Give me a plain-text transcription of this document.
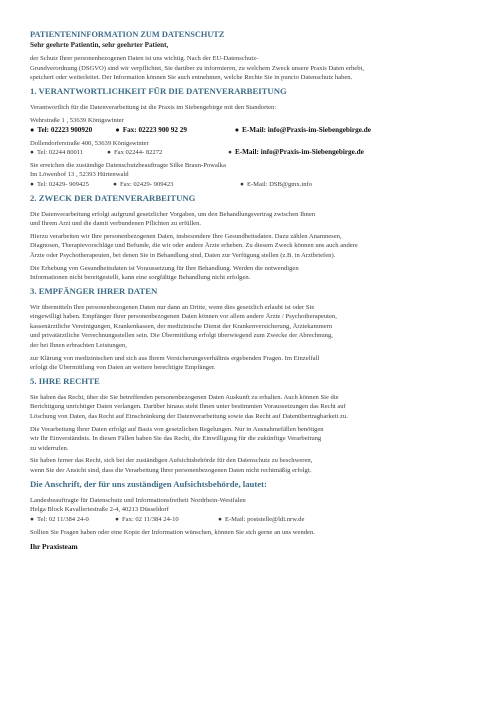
PATIENTENINFORMATION ZUM DATENSCHUTZ
Sehr geehrte Patientin, sehr geehrter Patient,
der Schutz Ihrer personenbezogenen Daten ist uns wichtig. Nach der EU-Datenschutz-
Grundverordnung (DSGVO) sind wir verpflichtet, Sie darüber zu informieren, zu welchem Zweck unsere Praxis Daten erhebt,
speichert oder weiterleitet. Der Information können Sie auch entnehmen, welche Rechte Sie in puncto Datenschutz haben.
1. VERANTWORTLICHKEIT FÜR DIE DATENVERARBEITUNG
Verantwortlich für die Datenverarbeitung ist die Praxis im Siebengebirge mit den Standorten:
Wehrstraße 1 , 53639 Königswinter
● Tel: 02223 900920	● Fax: 02223 900 92 29	● E-Mail: info@Praxis-im-Siebengebirge.de
Dollendorferstraße 400, 53639 Königswinter
● Tel: 02244 80011	● Fax 02244- 82272	● E-Mail: info@Praxis-im-Siebengebirge.de
Sie erreichen die zuständige Datenschutzbeauftragte Silke Braun-Powalka
Im Löwenhof 13 , 52393 Hürtenwald
● Tel: 02429- 909425	● Fax: 02429- 909423	● E-Mail: DSB@gmx.info
2. ZWECK DER DATENVERARBEITUNG
Die Datenverarbeitung erfolgt aufgrund gesetzlicher Vorgaben, um den Behandlungsvertrag zwischen Ihnen
und Ihrem Arzt und die damit verbundenen Pflichten zu erfüllen.
Hierzu verarbeiten wir Ihre personenbezogenen Daten, insbesondere Ihre Gesundheitsdaten. Dazu zählen Anamnesen,
Diagnosen, Therapievorschläge und Befunde, die wir oder andere Ärzte erheben. Zu diesem Zweck können uns auch andere
Ärzte oder Psychotherapeuten, bei denen Sie in Behandlung sind, Daten zur Verfügung stellen (z.B. in Arztbriefen).
Die Erhebung von Gesundheitsdaten ist Voraussetzung für Ihre Behandlung. Werden die notwendigen
Informationen nicht bereitgestellt, kann eine sorgfältige Behandlung nicht erfolgen.
3. EMPFÄNGER IHRER DATEN
Wir übermitteln Ihre personenbezogenen Daten nur dann an Dritte, wenn dies gesetzlich erlaubt ist oder Sie
eingewilligt haben. Empfänger Ihrer personenbezogenen Daten können vor allem andere Ärzte / Psychotherapeuten,
kassenärztliche Vereinigungen, Krankenkassen, der medizinische Dienst der Krankenversicherung, Ärztekammern
und privatärztliche Verrechnungsstellen sein. Die Übermittlung erfolgt überwiegend zum Zwecke der Abrechnung,
der bei Ihnen erbrachten Leistungen,
zur Klärung von medizinischen und sich aus Ihrem Versicherungsverhältnis ergebenden Fragen. Im Einzelfall
erfolgt die Übermittlung von Daten an weitere berechtigte Empfänger.
5. IHRE RECHTE
Sie haben das Recht, über die Sie betreffenden personenbezogenen Daten Auskunft zu erhalten. Auch können Sie die
Berichtigung unrichtiger Daten verlangen. Darüber hinaus steht Ihnen unter bestimmten Voraussetzungen das Recht auf
Löschung von Daten, das Recht auf Einschränkung der Datenverarbeitung sowie das Recht auf Datenübertragbarkeit zu.
Die Verarbeitung Ihrer Daten erfolgt auf Basis von gesetzlichen Regelungen. Nur in Ausnahmefällen benötigen
wir Ihr Einverständnis. In diesen Fällen haben Sie das Recht, die Einwilligung für die zukünftige Verarbeitung
zu widerrufen.
Sie haben ferner das Recht, sich bei der zuständigen Aufsichtsbehörde für den Datenschutz zu beschweren,
wenn Sie der Ansicht sind, dass die Verarbeitung Ihrer personenbezogenen Daten nicht rechtmäßig erfolgt.
Die Anschrift, der für uns zuständigen Aufsichtsbehörde, lautet:
Landesbeauftragte für Datenschutz und Informationsfreiheit Nordrhein-Westfalen
Helga Block Kavalleriestraße 2-4, 40213 Düsseldorf
● Tel: 02 11/384 24-0	● Fax: 02 11/384 24-10	● E-Mail: poststelle@ldi.nrw.de
Sollten Sie Fragen haben oder eine Kopie der Information wünschen, können Sie sich gerne an uns wenden.
Ihr Praxisteam
